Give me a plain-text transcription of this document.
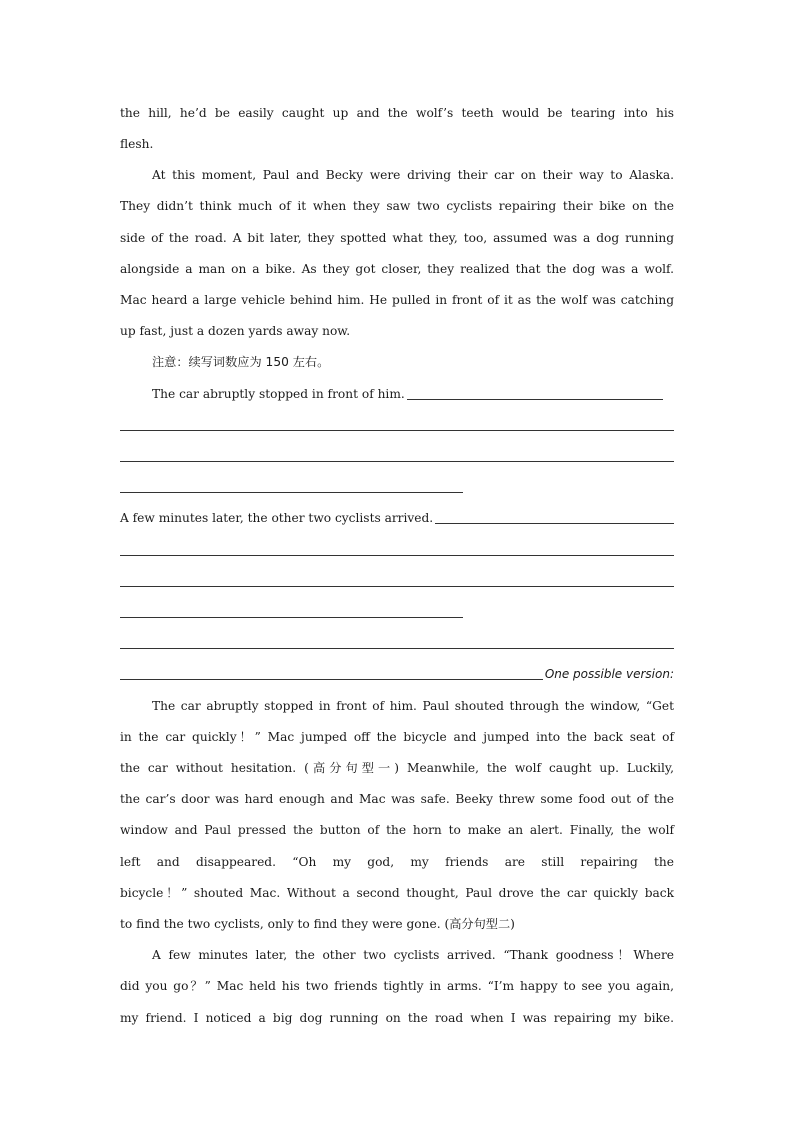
the hill, he’d be easily caught up and the wolf’s teeth would be tearing into his
flesh.
At this moment, Paul and Becky were driving their car on their way to Alaska.
They didn’t think much of it when they saw two cyclists repairing their bike on the
side of the road. A bit later, they spotted what they, too, assumed was a dog running
alongside a man on a bike. As they got closer, they realized that the dog was a wolf.
Mac heard a large vehicle behind him. He pulled in front of it as the wolf was catching
up fast, just a dozen yards away now.
注意：续写词数应为 150 左右。
The car abruptly stopped in front of him.
A few minutes later, the other two cyclists arrived.
One possible version:
The car abruptly stopped in front of him. Paul shouted through the window, “Get
in the car quickly！” Mac jumped off the bicycle and jumped into the back seat of
the car without hesitation. (高分句型一) Meanwhile, the wolf caught up. Luckily,
the car’s door was hard enough and Mac was safe. Beeky threw some food out of the
window and Paul pressed the button of the horn to make an alert. Finally, the wolf
left and disappeared. “Oh my god, my friends are still repairing the
bicycle！” shouted Mac. Without a second thought, Paul drove the car quickly back
to find the two cyclists, only to find they were gone. (高分句型二)
A few minutes later, the other two cyclists arrived. “Thank goodness！Where
did you go？” Mac held his two friends tightly in arms. “I’m happy to see you again,
my friend. I noticed a big dog running on the road when I was repairing my bike.
